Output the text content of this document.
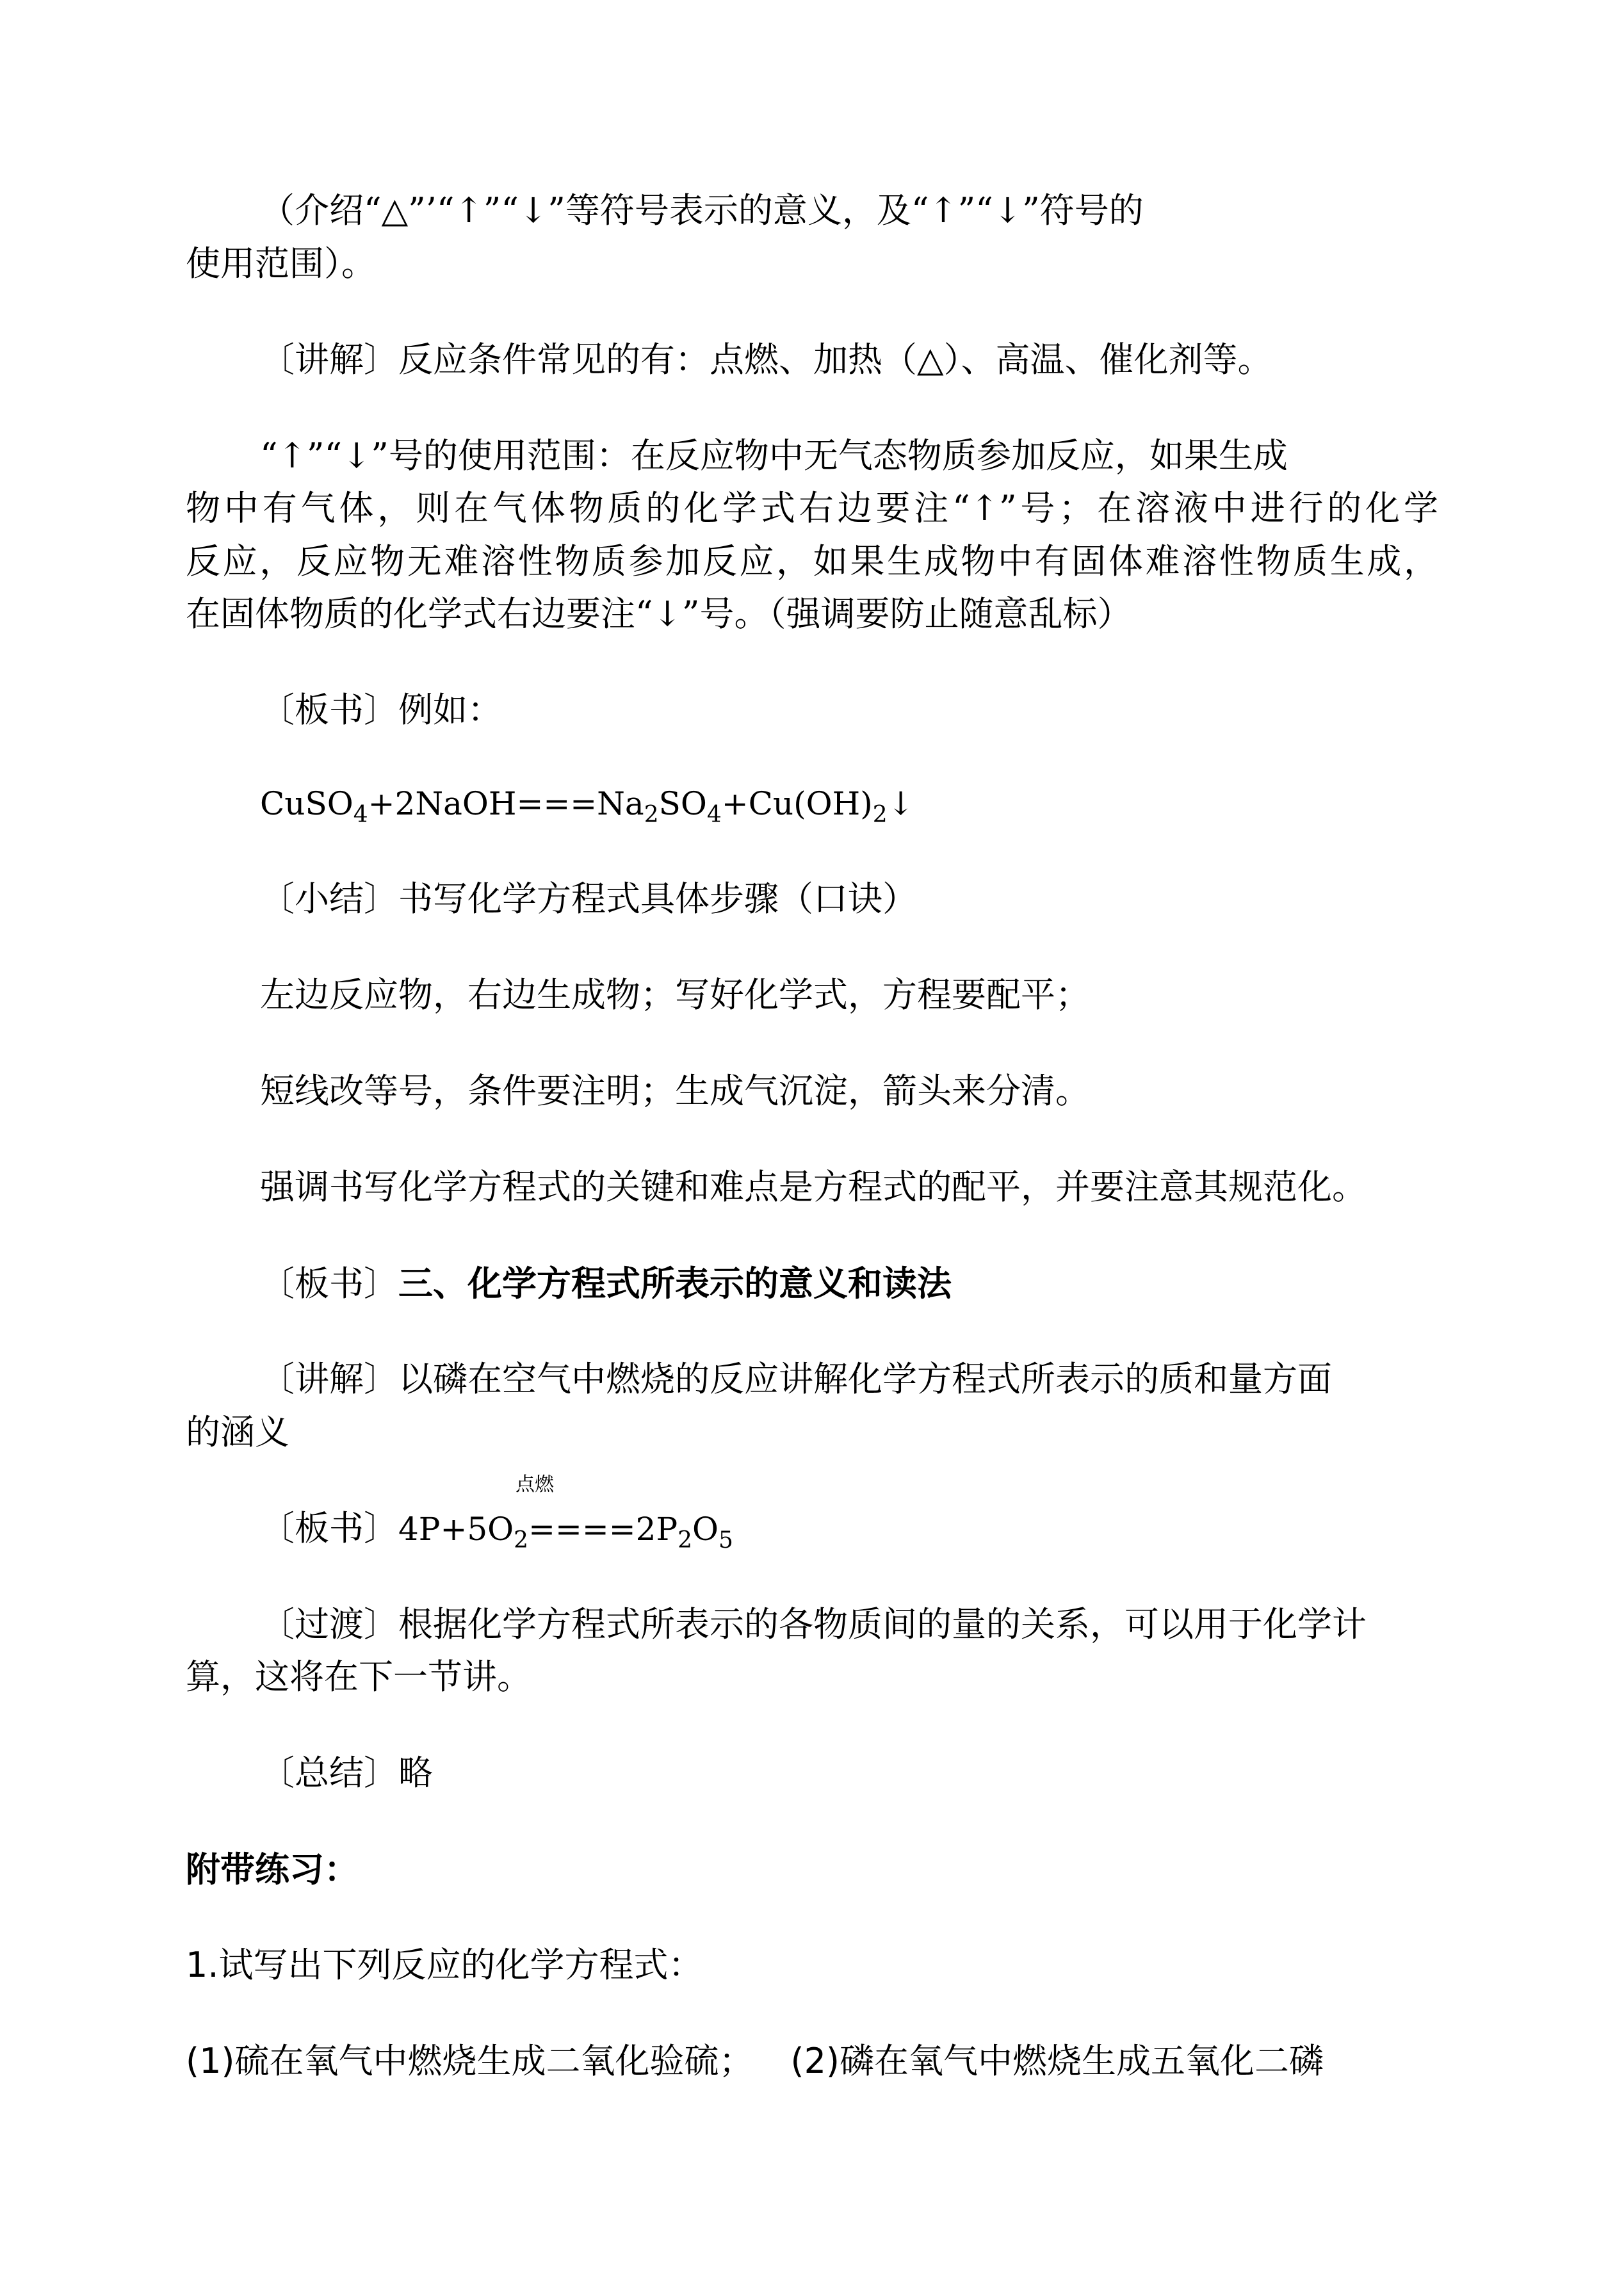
（介绍“△”’“↑”“↓”等符号表示的意义，及“↑”“↓”符号的
使用范围）。
〔讲解〕反应条件常见的有：点燃、加热（△）、高温、催化剂等。
“↑”“↓”号的使用范围：在反应物中无气态物质参加反应，如果生成
物中有气体，则在气体物质的化学式右边要注“↑”号；在溶液中进行的化学
反应，反应物无难溶性物质参加反应，如果生成物中有固体难溶性物质生成，
在固体物质的化学式右边要注“↓”号。（强调要防止随意乱标）
〔板书〕例如：
$CuSO_4+2NaOH===Na_2SO_4+Cu(OH)_2↓$
〔小结〕书写化学方程式具体步骤（口诀）
左边反应物，右边生成物；写好化学式，方程要配平；
短线改等号，条件要注明；生成气沉淀，箭头来分清。
强调书写化学方程式的关键和难点是方程式的配平，并要注意其规范化。
〔板书〕三、化学方程式所表示的意义和读法
〔讲解〕以磷在空气中燃烧的反应讲解化学方程式所表示的质和量方面
的涵义
点燃
〔板书〕$4P+5O_2====2P_2O_5$
〔过渡〕根据化学方程式所表示的各物质间的量的关系，可以用于化学计
算，这将在下一节讲。
〔总结〕略
附带练习：
1.试写出下列反应的化学方程式：
(1)硫在氧气中燃烧生成二氧化验硫； (2)磷在氧气中燃烧生成五氧化二磷
